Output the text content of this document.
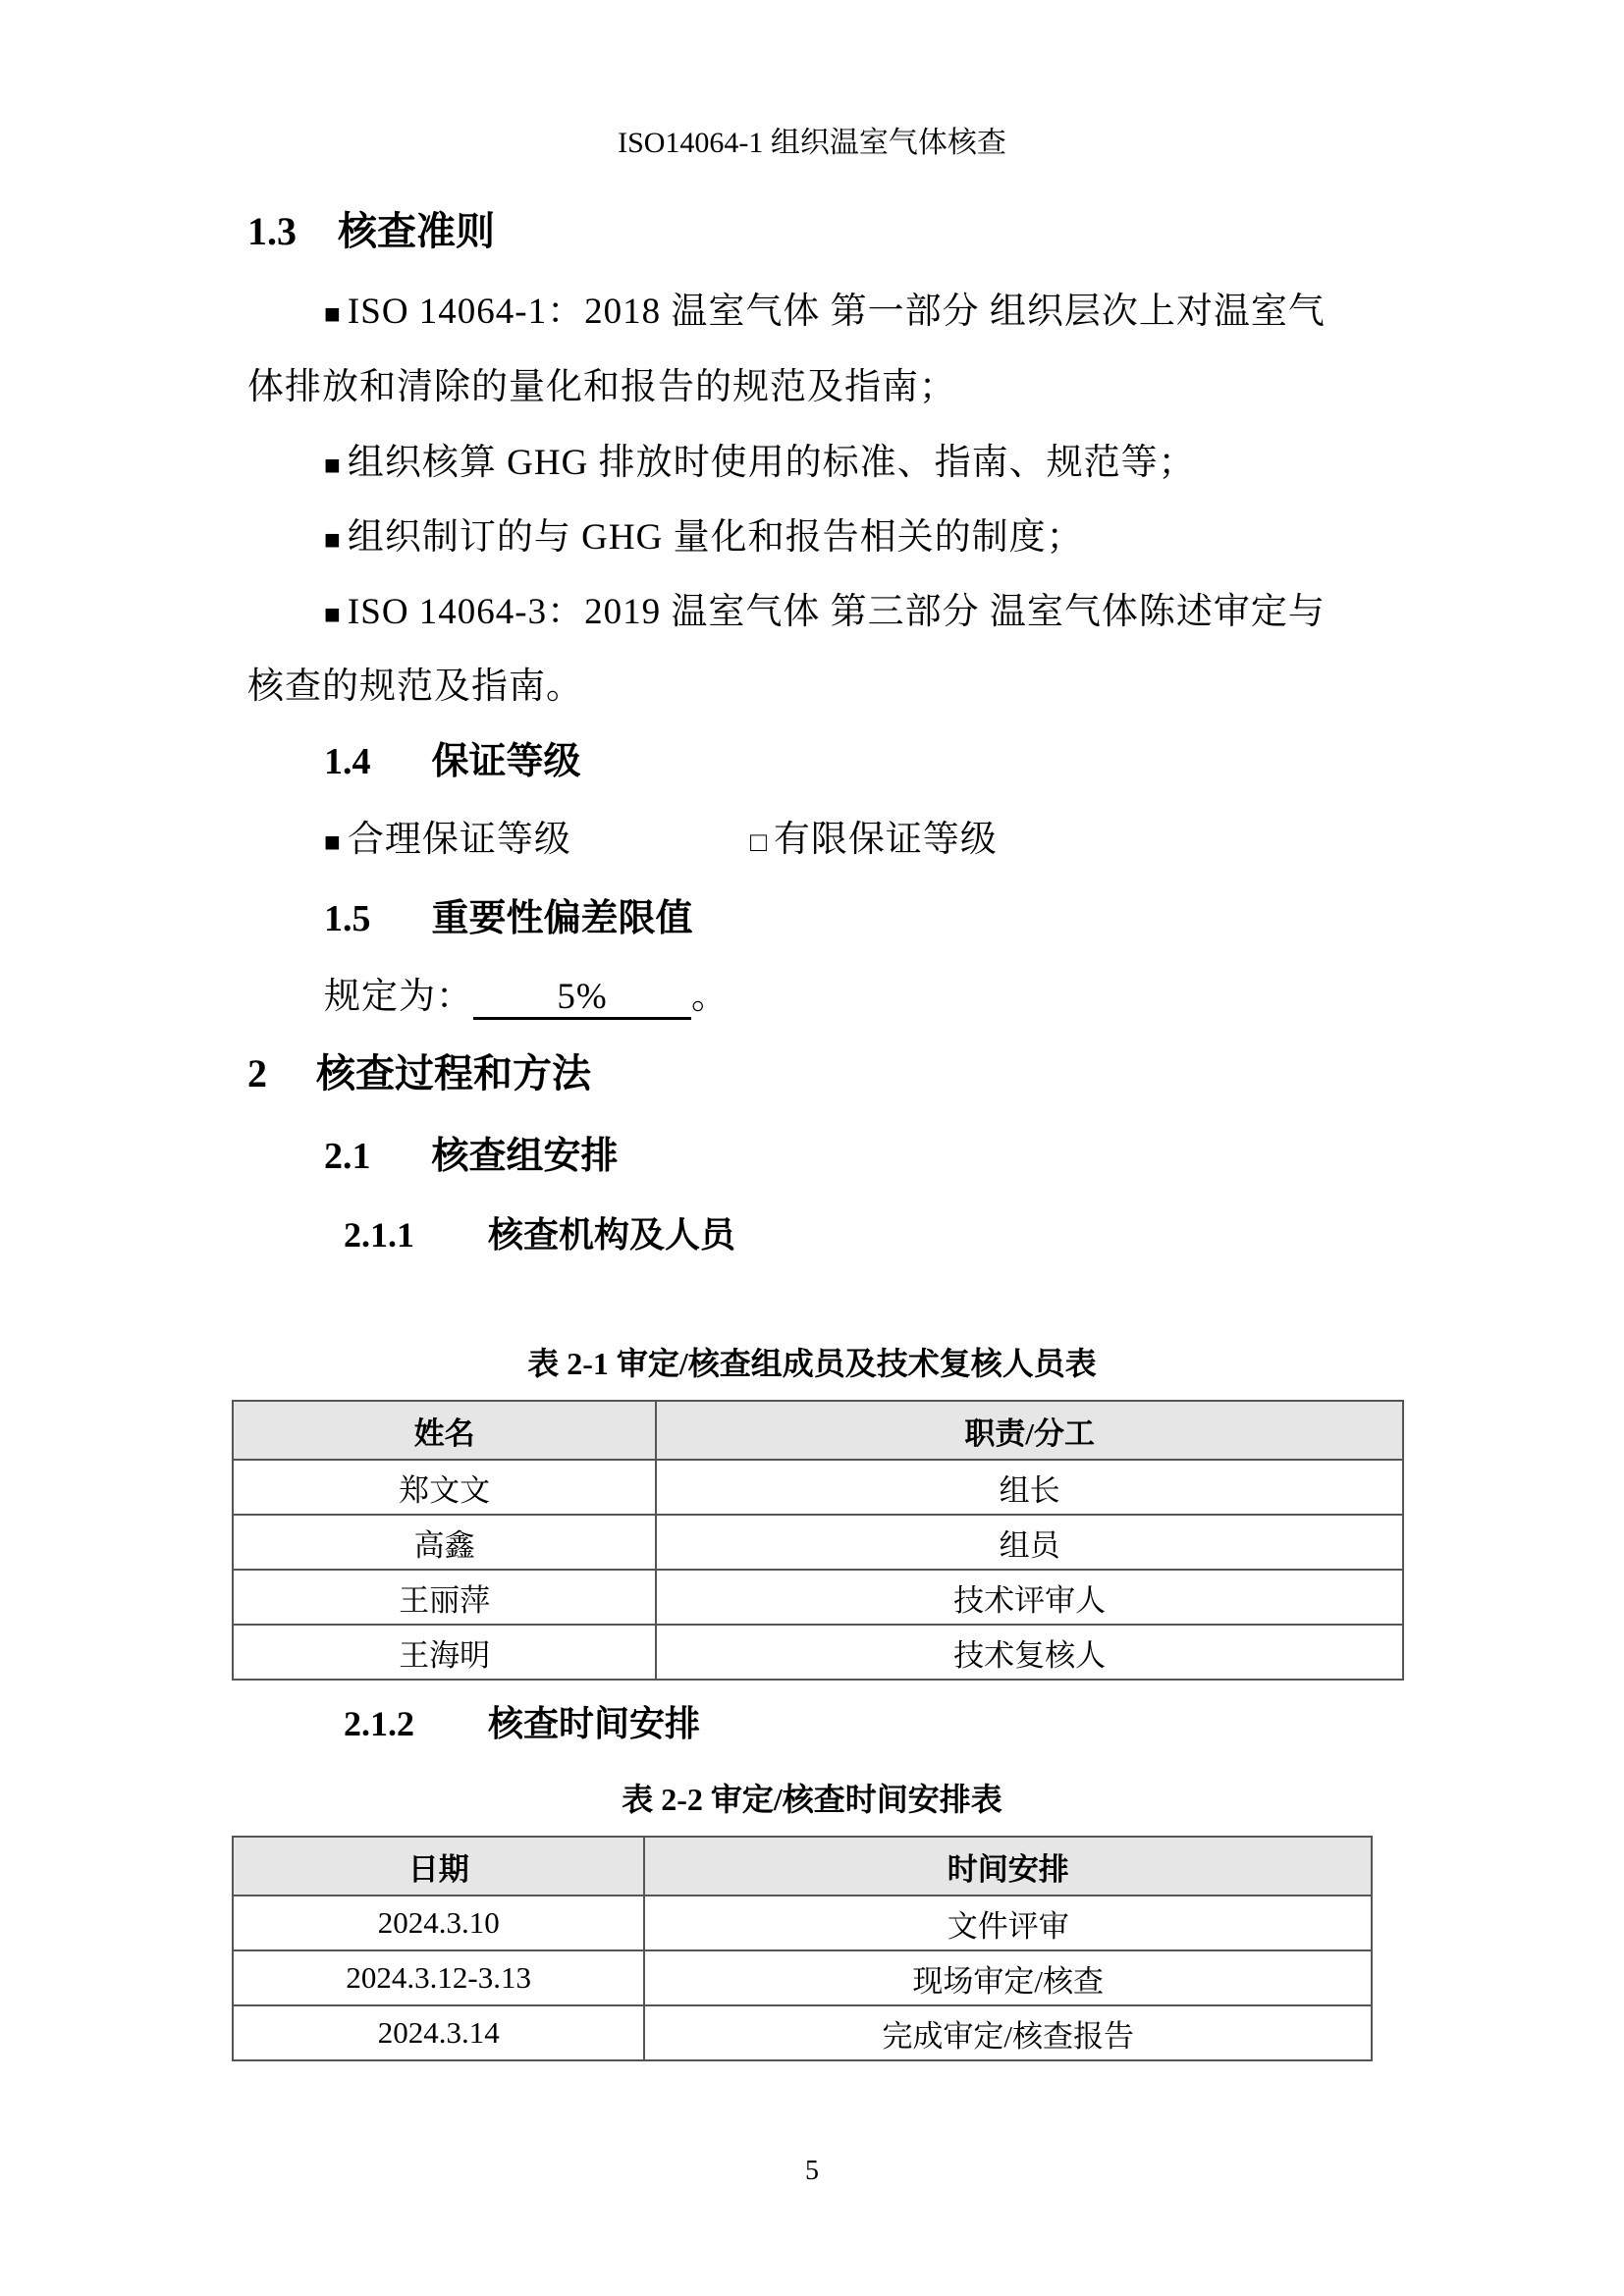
ISO14064-1 组织温室气体核查
1.3 核查准则
■ ISO 14064-1：2018 温室气体 第一部分 组织层次上对温室气
体排放和清除的量化和报告的规范及指南；
■ 组织核算 GHG 排放时使用的标准、指南、规范等；
■ 组织制订的与 GHG 量化和报告相关的制度；
■ ISO 14064-3：2019 温室气体 第三部分 温室气体陈述审定与
核查的规范及指南。
1.4 保证等级
■ 合理保证等级	□ 有限保证等级
1.5 重要性偏差限值
规定为： 5% 。
2 核查过程和方法
2.1 核查组安排
2.1.1 核查机构及人员
表 2-1 审定/核查组成员及技术复核人员表
姓名	职责/分工
郑文文	组长
高鑫	组员
王丽萍	技术评审人
王海明	技术复核人
2.1.2 核查时间安排
表 2-2 审定/核查时间安排表
日期	时间安排
2024.3.10	文件评审
2024.3.12-3.13	现场审定/核查
2024.3.14	完成审定/核查报告
5
